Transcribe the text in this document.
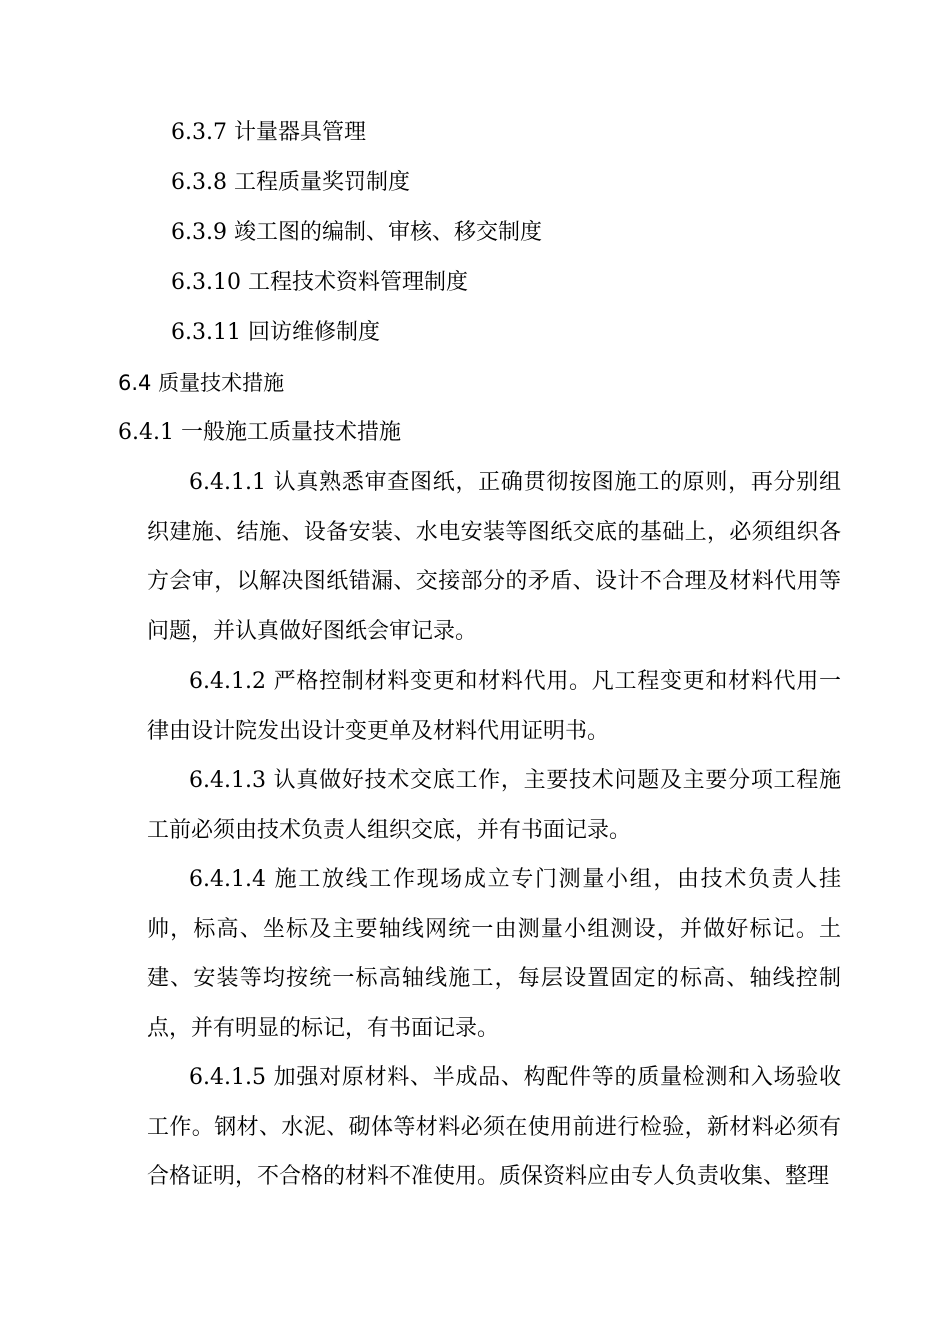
6.3.7 计量器具管理
6.3.8 工程质量奖罚制度
6.3.9 竣工图的编制、审核、移交制度
6.3.10 工程技术资料管理制度
6.3.11 回访维修制度
6.4 质量技术措施
6.4.1 一般施工质量技术措施
6.4.1.1 认真熟悉审查图纸，正确贯彻按图施工的原则，再分别组织建施、结施、设备安装、水电安装等图纸交底的基础上，必须组织各方会审，以解决图纸错漏、交接部分的矛盾、设计不合理及材料代用等问题，并认真做好图纸会审记录。
6.4.1.2 严格控制材料变更和材料代用。凡工程变更和材料代用一律由设计院发出设计变更单及材料代用证明书。
6.4.1.3 认真做好技术交底工作，主要技术问题及主要分项工程施工前必须由技术负责人组织交底，并有书面记录。
6.4.1.4 施工放线工作现场成立专门测量小组，由技术负责人挂帅，标高、坐标及主要轴线网统一由测量小组测设，并做好标记。土建、安装等均按统一标高轴线施工，每层设置固定的标高、轴线控制点，并有明显的标记，有书面记录。
6.4.1.5 加强对原材料、半成品、构配件等的质量检测和入场验收工作。钢材、水泥、砌体等材料必须在使用前进行检验，新材料必须有合格证明，不合格的材料不准使用。质保资料应由专人负责收集、整理
